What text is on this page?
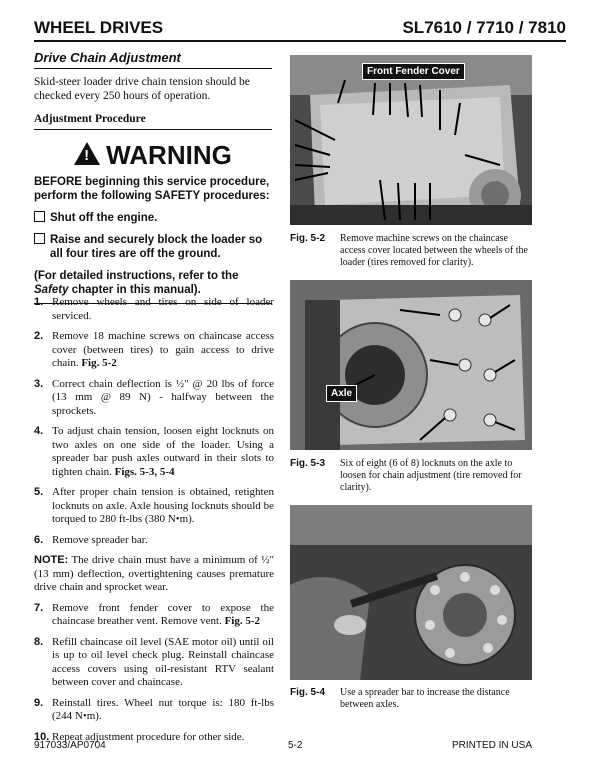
WHEEL DRIVES	SL7610 / 7710 / 7810
Drive Chain Adjustment
Skid-steer loader drive chain tension should be checked every 250 hours of operation.
Adjustment Procedure
! WARNING
BEFORE beginning this service procedure, perform the following SAFETY procedures:
Shut off the engine.
Raise and securely block the loader so all four tires are off the ground.
(For detailed instructions, refer to the Safety chapter in this manual).
1. Remove wheels and tires on side of loader serviced.
2. Remove 18 machine screws on chaincase access cover (between tires) to gain access to drive chain. Fig. 5-2
3. Correct chain deflection is ½" @ 20 lbs of force (13 mm @ 89 N) - halfway between the sprockets.
4. To adjust chain tension, loosen eight locknuts on two axles on one side of the loader. Using a spreader bar push axles outward in their slots to tighten chain. Figs. 5-3, 5-4
5. After proper chain tension is obtained, retighten locknuts on axle. Axle housing locknuts should be torqued to 280 ft-lbs (380 N•m).
6. Remove spreader bar.
NOTE: The drive chain must have a minimum of ½" (13 mm) deflection, overtightening causes premature drive chain and sprocket wear.
7. Remove front fender cover to expose the chaincase breather vent. Remove vent. Fig. 5-2
8. Refill chaincase oil level (SAE motor oil) until oil is up to oil level check plug. Reinstall chaincase access covers using oil-resistant RTV sealant between cover and chaincase.
9. Reinstall tires. Wheel nut torque is: 180 ft-lbs (244 N•m).
10. Repeat adjustment procedure for other side.
Front Fender Cover
Fig. 5-2 Remove machine screws on the chaincase access cover located between the wheels of the loader (tires removed for clarity).
Axle
Fig. 5-3 Six of eight (6 of 8) locknuts on the axle to loosen for chain adjustment (tire removed for clarity).
Fig. 5-4 Use a spreader bar to increase the distance between axles.
917033/AP0704	5-2	PRINTED IN USA
